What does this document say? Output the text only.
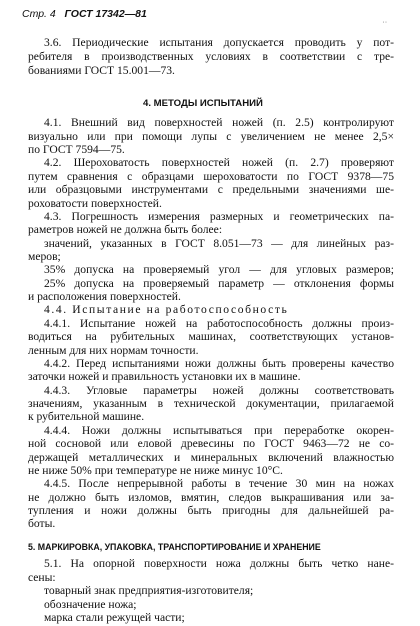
Стр. 4 ГОСТ 17342—81
˙˙
3.6. Периодические испытания допускается проводить у пот-
ребителя в производственных условиях в соответствии с тре-
бованиями ГОСТ 15.001—73.
4. МЕТОДЫ ИСПЫТАНИЙ
4.1. Внешний вид поверхностей ножей (п. 2.5) контролируют
визуально или при помощи лупы с увеличением не менее 2,5×
по ГОСТ 7594—75.
4.2. Шероховатость поверхностей ножей (п. 2.7) проверяют
путем сравнения с образцами шероховатости по ГОСТ 9378—75
или образцовыми инструментами с предельными значениями ше-
роховатости поверхностей.
4.3. Погрешность измерения размерных и геометрических па-
раметров ножей не должна быть более:
значений, указанных в ГОСТ 8.051—73 — для линейных раз-
меров;
35% допуска на проверяемый угол — для угловых размеров;
25% допуска на проверяемый параметр — отклонения формы
и расположения поверхностей.
4.4. Испытание на работоспособность
4.4.1. Испытание ножей на работоспособность должны произ-
водиться на рубительных машинах, соответствующих установ-
ленным для них нормам точности.
4.4.2. Перед испытаниями ножи должны быть проверены качество
заточки ножей и правильность установки их в машине.
4.4.3. Угловые параметры ножей должны соответствовать
значениям, указанным в технической документации, прилагаемой
к рубительной машине.
4.4.4. Ножи должны испытываться при переработке окорен-
ной сосновой или еловой древесины по ГОСТ 9463—72 не со-
держащей металлических и минеральных включений влажностью
не ниже 50% при температуре не ниже минус 10°С.
4.4.5. После непрерывной работы в течение 30 мин на ножах
не должно быть изломов, вмятин, следов выкрашивания или за-
тупления и ножи должны быть пригодны для дальнейшей ра-
боты.
5. МАРКИРОВКА, УПАКОВКА, ТРАНСПОРТИРОВАНИЕ И ХРАНЕНИЕ
5.1. На опорной поверхности ножа должны быть четко нане-
сены:
товарный знак предприятия-изготовителя;
обозначение ножа;
марка стали режущей части;
